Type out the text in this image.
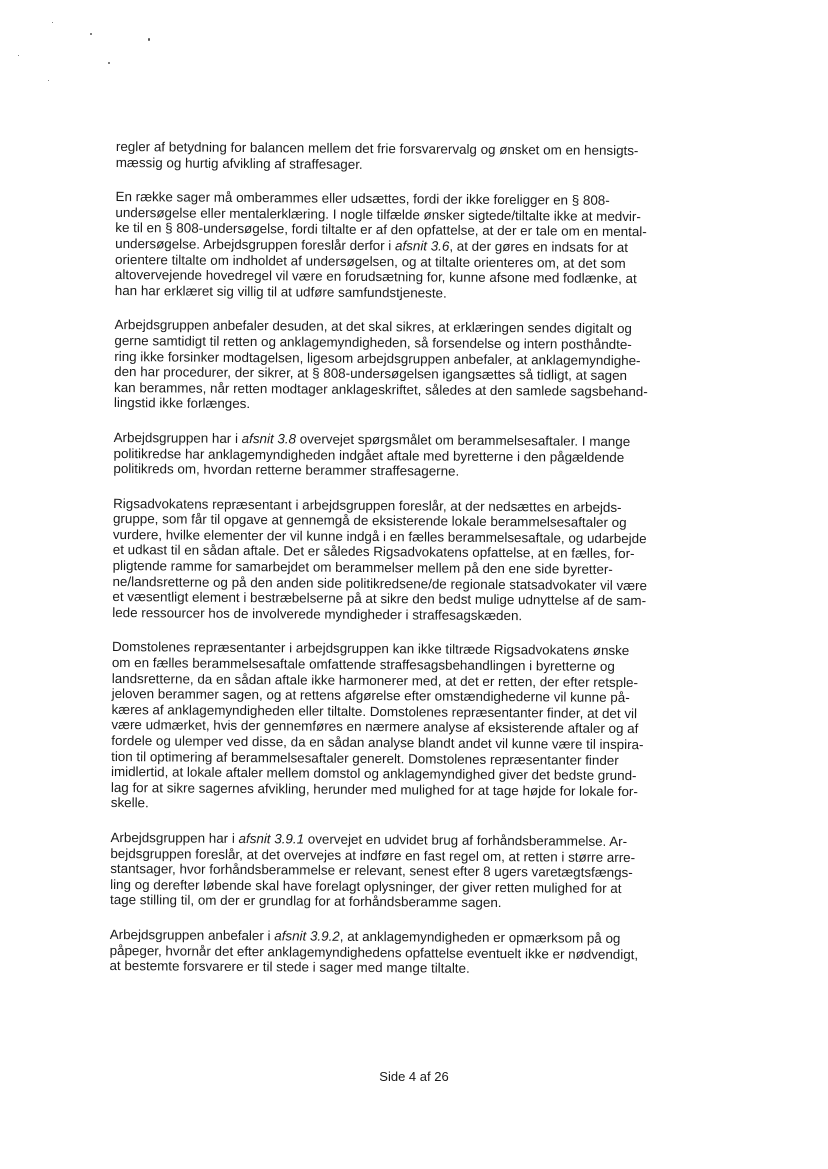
regler af betydning for balancen mellem det frie forsvarervalg og ønsket om en hensigts-
mæssig og hurtig afvikling af straffesager.

En række sager må omberammes eller udsættes, fordi der ikke foreligger en § 808-
undersøgelse eller mentalerklæring. I nogle tilfælde ønsker sigtede/tiltalte ikke at medvir-
ke til en § 808-undersøgelse, fordi tiltalte er af den opfattelse, at der er tale om en mental-
undersøgelse. Arbejdsgruppen foreslår derfor i afsnit 3.6, at der gøres en indsats for at
orientere tiltalte om indholdet af undersøgelsen, og at tiltalte orienteres om, at det som
altovervejende hovedregel vil være en forudsætning for, kunne afsone med fodlænke, at
han har erklæret sig villig til at udføre samfundstjeneste.

Arbejdsgruppen anbefaler desuden, at det skal sikres, at erklæringen sendes digitalt og
gerne samtidigt til retten og anklagemyndigheden, så forsendelse og intern posthåndte-
ring ikke forsinker modtagelsen, ligesom arbejdsgruppen anbefaler, at anklagemyndighe-
den har procedurer, der sikrer, at § 808-undersøgelsen igangsættes så tidligt, at sagen
kan berammes, når retten modtager anklageskriftet, således at den samlede sagsbehand-
lingstid ikke forlænges.

Arbejdsgruppen har i afsnit 3.8 overvejet spørgsmålet om berammelsesaftaler. I mange
politikredse har anklagemyndigheden indgået aftale med byretterne i den pågældende
politikreds om, hvordan retterne berammer straffesagerne.

Rigsadvokatens repræsentant i arbejdsgruppen foreslår, at der nedsættes en arbejds-
gruppe, som får til opgave at gennemgå de eksisterende lokale berammelsesaftaler og
vurdere, hvilke elementer der vil kunne indgå i en fælles berammelsesaftale, og udarbejde
et udkast til en sådan aftale. Det er således Rigsadvokatens opfattelse, at en fælles, for-
pligtende ramme for samarbejdet om berammelser mellem på den ene side byretter-
ne/landsretterne og på den anden side politikredsene/de regionale statsadvokater vil være
et væsentligt element i bestræbelserne på at sikre den bedst mulige udnyttelse af de sam-
lede ressourcer hos de involverede myndigheder i straffesagskæden.

Domstolenes repræsentanter i arbejdsgruppen kan ikke tiltræde Rigsadvokatens ønske
om en fælles berammelsesaftale omfattende straffesagsbehandlingen i byretterne og
landsretterne, da en sådan aftale ikke harmonerer med, at det er retten, der efter retsple-
jeloven berammer sagen, og at rettens afgørelse efter omstændighederne vil kunne på-
kæres af anklagemyndigheden eller tiltalte. Domstolenes repræsentanter finder, at det vil
være udmærket, hvis der gennemføres en nærmere analyse af eksisterende aftaler og af
fordele og ulemper ved disse, da en sådan analyse blandt andet vil kunne være til inspira-
tion til optimering af berammelsesaftaler generelt. Domstolenes repræsentanter finder
imidlertid, at lokale aftaler mellem domstol og anklagemyndighed giver det bedste grund-
lag for at sikre sagernes afvikling, herunder med mulighed for at tage højde for lokale for-
skelle.

Arbejdsgruppen har i afsnit 3.9.1 overvejet en udvidet brug af forhåndsberammelse. Ar-
bejdsgruppen foreslår, at det overvejes at indføre en fast regel om, at retten i større arre-
stantsager, hvor forhåndsberammelse er relevant, senest efter 8 ugers varetægtsfængs-
ling og derefter løbende skal have forelagt oplysninger, der giver retten mulighed for at
tage stilling til, om der er grundlag for at forhåndsberamme sagen.

Arbejdsgruppen anbefaler i afsnit 3.9.2, at anklagemyndigheden er opmærksom på og
påpeger, hvornår det efter anklagemyndighedens opfattelse eventuelt ikke er nødvendigt,
at bestemte forsvarere er til stede i sager med mange tiltalte.

Side 4 af 26
